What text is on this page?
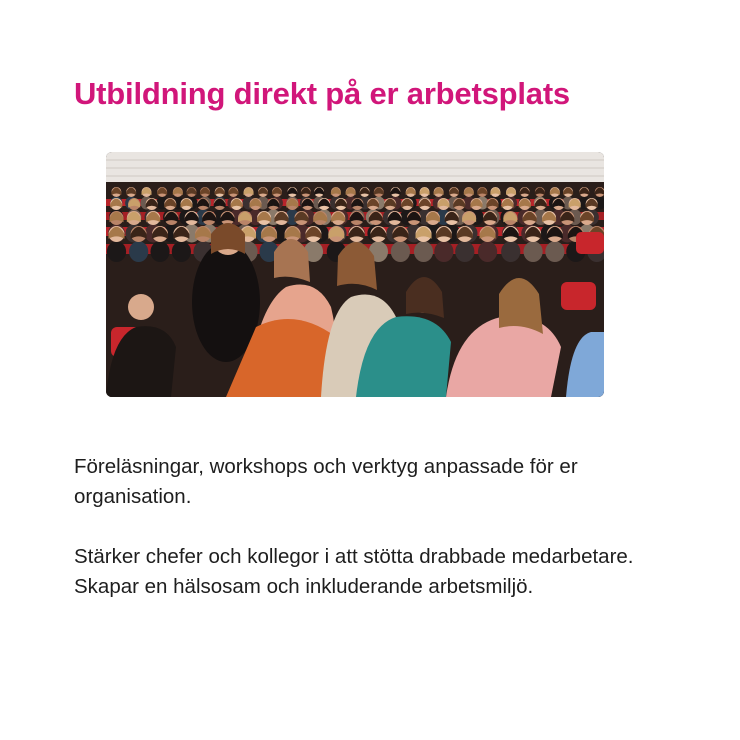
Utbildning direkt på er arbetsplats

Föreläsningar, workshops och verktyg anpassade för er organisation.

Stärker chefer och kollegor i att stötta drabbade medarbetare.

Skapar en hälsosam och inkluderande arbetsmiljö.
